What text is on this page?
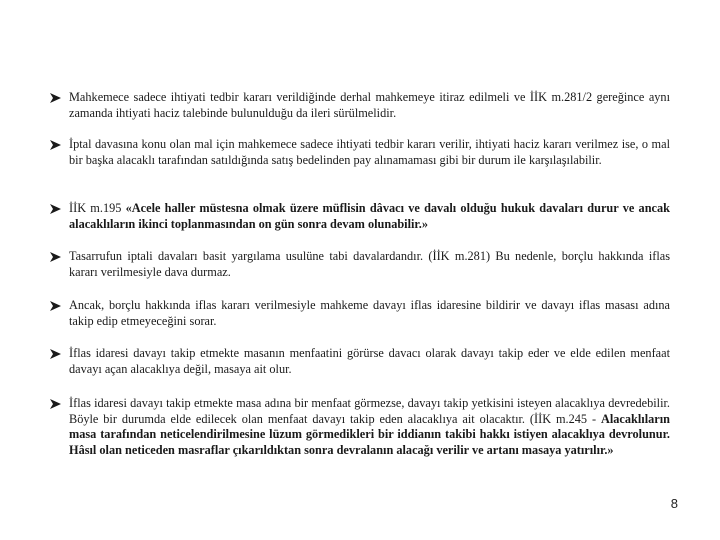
Mahkemece sadece ihtiyati tedbir kararı verildiğinde derhal mahkemeye itiraz edilmeli ve İİK m.281/2 gereğince aynı zamanda ihtiyati haciz talebinde bulunulduğu da ileri sürülmelidir.
İptal davasına konu olan mal için mahkemece sadece ihtiyati tedbir kararı verilir, ihtiyati haciz kararı verilmez ise, o mal bir başka alacaklı tarafından satıldığında satış bedelinden pay alınamaması gibi bir durum ile karşılaşılabilir.
İİK m.195 «Acele haller müstesna olmak üzere müflisin dâvacı ve davalı olduğu hukuk davaları durur ve ancak alacaklıların ikinci toplanmasından on gün sonra devam olunabilir.»
Tasarrufun iptali davaları basit yargılama usulüne tabi davalardandır. (İİK m.281) Bu nedenle, borçlu hakkında iflas kararı verilmesiyle dava durmaz.
Ancak, borçlu hakkında iflas kararı verilmesiyle mahkeme davayı iflas idaresine bildirir ve davayı iflas masası adına takip edip etmeyeceğini sorar.
İflas idaresi davayı takip etmekte masanın menfaatini görürse davacı olarak davayı takip eder ve elde edilen menfaat davayı açan alacaklıya değil, masaya ait olur.
İflas idaresi davayı takip etmekte masa adına bir menfaat görmezse, davayı takip yetkisini isteyen alacaklıya devredebilir. Böyle bir durumda elde edilecek olan menfaat davayı takip eden alacaklıya ait olacaktır. (İİK m.245 - Alacaklıların masa tarafından neticelendirilmesine lüzum görmedikleri bir iddianın takibi hakkı istiyen alacaklıya devrolunur. Hâsıl olan neticeden masraflar çıkarıldıktan sonra devralanın alacağı verilir ve artanı masaya yatırılır.»
8
